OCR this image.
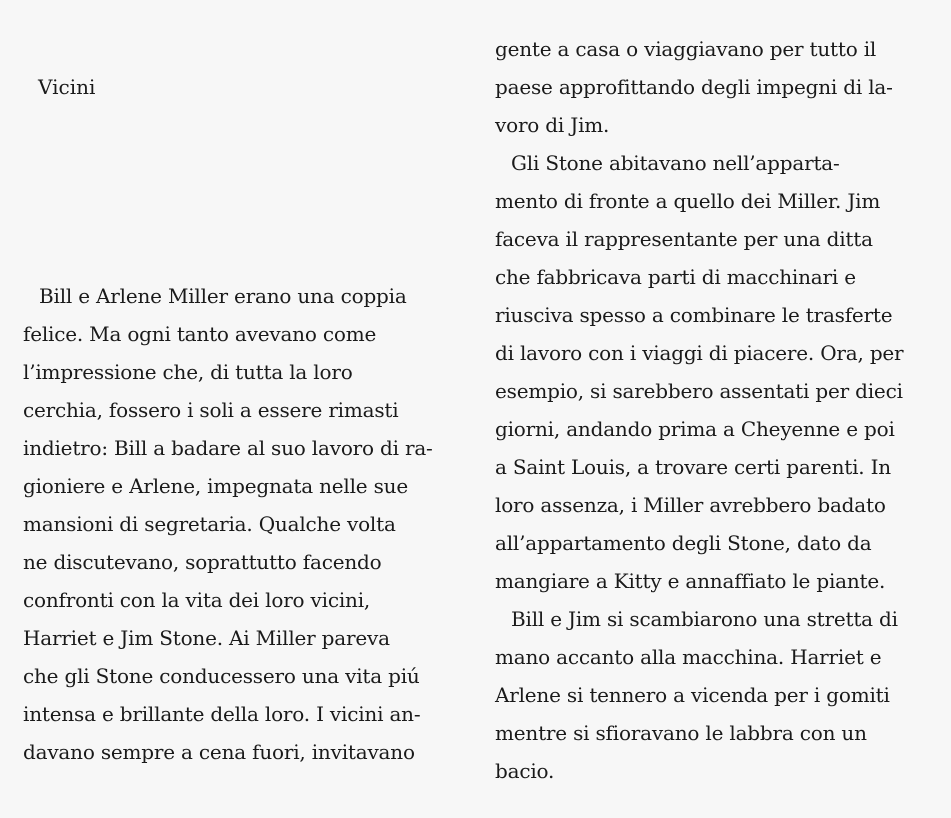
Vicini
Bill e Arlene Miller erano una coppia
felice. Ma ogni tanto avevano come
l’impressione che, di tutta la loro
cerchia, fossero i soli a essere rimasti
indietro: Bill a badare al suo lavoro di ra-
gioniere e Arlene, impegnata nelle sue
mansioni di segretaria. Qualche volta
ne discutevano, soprattutto facendo
confronti con la vita dei loro vicini,
Harriet e Jim Stone. Ai Miller pareva
che gli Stone conducessero una vita piú
intensa e brillante della loro. I vicini an-
davano sempre a cena fuori, invitavano
gente a casa o viaggiavano per tutto il
paese approfittando degli impegni di la-
voro di Jim.
Gli Stone abitavano nell’apparta-
mento di fronte a quello dei Miller. Jim
faceva il rappresentante per una ditta
che fabbricava parti di macchinari e
riusciva spesso a combinare le trasferte
di lavoro con i viaggi di piacere. Ora, per
esempio, si sarebbero assentati per dieci
giorni, andando prima a Cheyenne e poi
a Saint Louis, a trovare certi parenti. In
loro assenza, i Miller avrebbero badato
all’appartamento degli Stone, dato da
mangiare a Kitty e annaffiato le piante.
Bill e Jim si scambiarono una stretta di
mano accanto alla macchina. Harriet e
Arlene si tennero a vicenda per i gomiti
mentre si sfioravano le labbra con un
bacio.
